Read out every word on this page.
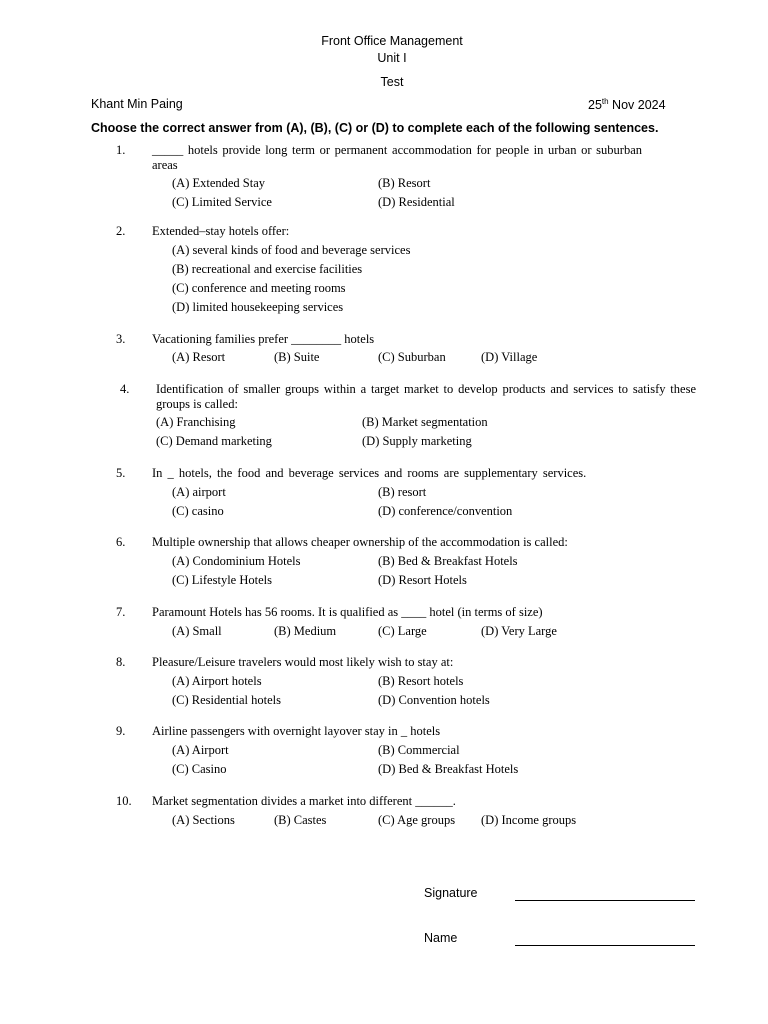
Front Office Management
Unit I
Test
Khant Min Paing	25th Nov 2024
Choose the correct answer from (A), (B), (C) or (D) to complete each of the following sentences.
1. _____ hotels provide long term or permanent accommodation for people in urban or suburban areas
(A) Extended Stay	(B) Resort
(C) Limited Service	(D) Residential
2. Extended–stay hotels offer:
(A) several kinds of food and beverage services
(B) recreational and exercise facilities
(C) conference and meeting rooms
(D) limited housekeeping services
3. Vacationing families prefer ________ hotels
(A) Resort	(B) Suite	(C) Suburban	(D) Village
4. Identification of smaller groups within a target market to develop products and services to satisfy these groups is called:
(A) Franchising	(B) Market segmentation
(C) Demand marketing	(D) Supply marketing
5. In _ hotels, the food and beverage services and rooms are supplementary services.
(A) airport	(B) resort
(C) casino	(D) conference/convention
6. Multiple ownership that allows cheaper ownership of the accommodation is called:
(A) Condominium Hotels	(B) Bed & Breakfast Hotels
(C) Lifestyle Hotels	(D) Resort Hotels
7. Paramount Hotels has 56 rooms. It is qualified as ____ hotel (in terms of size)
(A) Small	(B) Medium	(C) Large	(D) Very Large
8. Pleasure/Leisure travelers would most likely wish to stay at:
(A) Airport hotels	(B) Resort hotels
(C) Residential hotels	(D) Convention hotels
9. Airline passengers with overnight layover stay in _ hotels
(A) Airport	(B) Commercial
(C) Casino	(D) Bed & Breakfast Hotels
10. Market segmentation divides a market into different ______.
(A) Sections	(B) Castes	(C) Age groups (D) Income groups
Signature
Name
